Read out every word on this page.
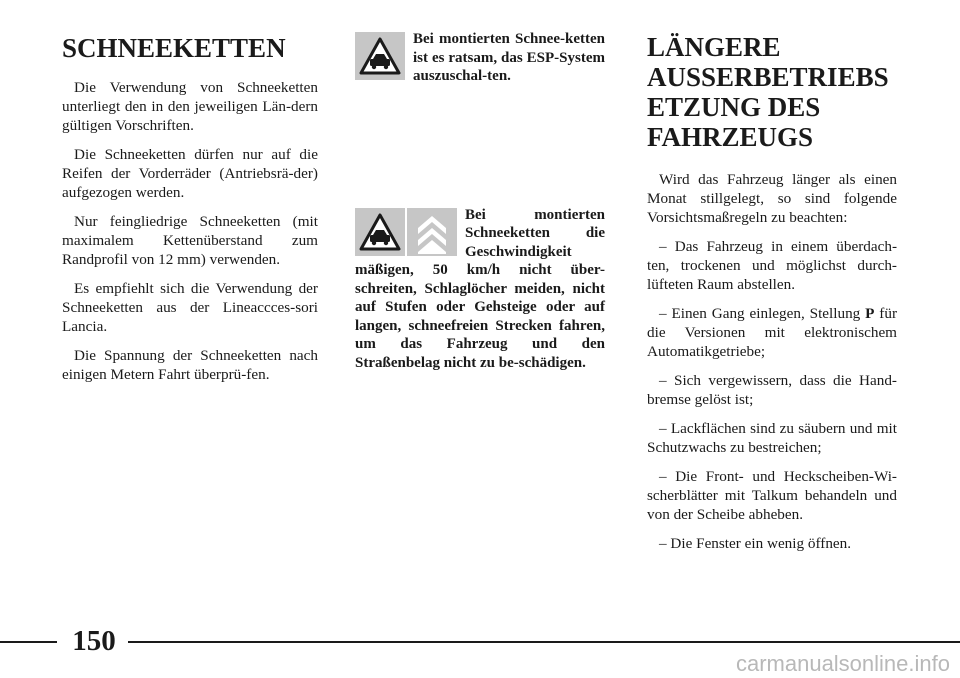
SCHNEEKETTEN

Die Verwendung von Schneeketten unterliegt den in den jeweiligen Län-dern gültigen Vorschriften.

Die Schneeketten dürfen nur auf die Reifen der Vorderräder (Antriebsrä-der) aufgezogen werden.

Nur feingliedrige Schneeketten (mit maximalem Kettenüberstand zum Randprofil von 12 mm) verwenden.

Es empfiehlt sich die Verwendung der Schneeketten aus der Lineaccces-sori Lancia.

Die Spannung der Schneeketten nach einigen Metern Fahrt überprü-fen.

Bei montierten Schnee-ketten ist es ratsam, das ESP-System auszuschal-ten.

Bei montierten Schneeketten die Geschwindigkeit mäßigen, 50 km/h nicht über-schreiten, Schlaglöcher meiden, nicht auf Stufen oder Gehsteige oder auf langen, schneefreien Strecken fahren, um das Fahrzeug und den Straßenbelag nicht zu be-schädigen.

LÄNGERE
AUSSERBETRIEBS
ETZUNG DES
FAHRZEUGS

Wird das Fahrzeug länger als einen Monat stillgelegt, so sind folgende Vorsichtsmaßregeln zu beachten:

– Das Fahrzeug in einem überdach-ten, trockenen und möglichst durch-lüfteten Raum abstellen.

– Einen Gang einlegen, Stellung P für die Versionen mit elektronischem Automatikgetriebe;

– Sich vergewissern, dass die Hand-bremse gelöst ist;

– Lackflächen sind zu säubern und mit Schutzwachs zu bestreichen;

– Die Front- und Heckscheiben-Wi-scherblätter mit Talkum behandeln und von der Scheibe abheben.

– Die Fenster ein wenig öffnen.

150
carmanualsonline.info
